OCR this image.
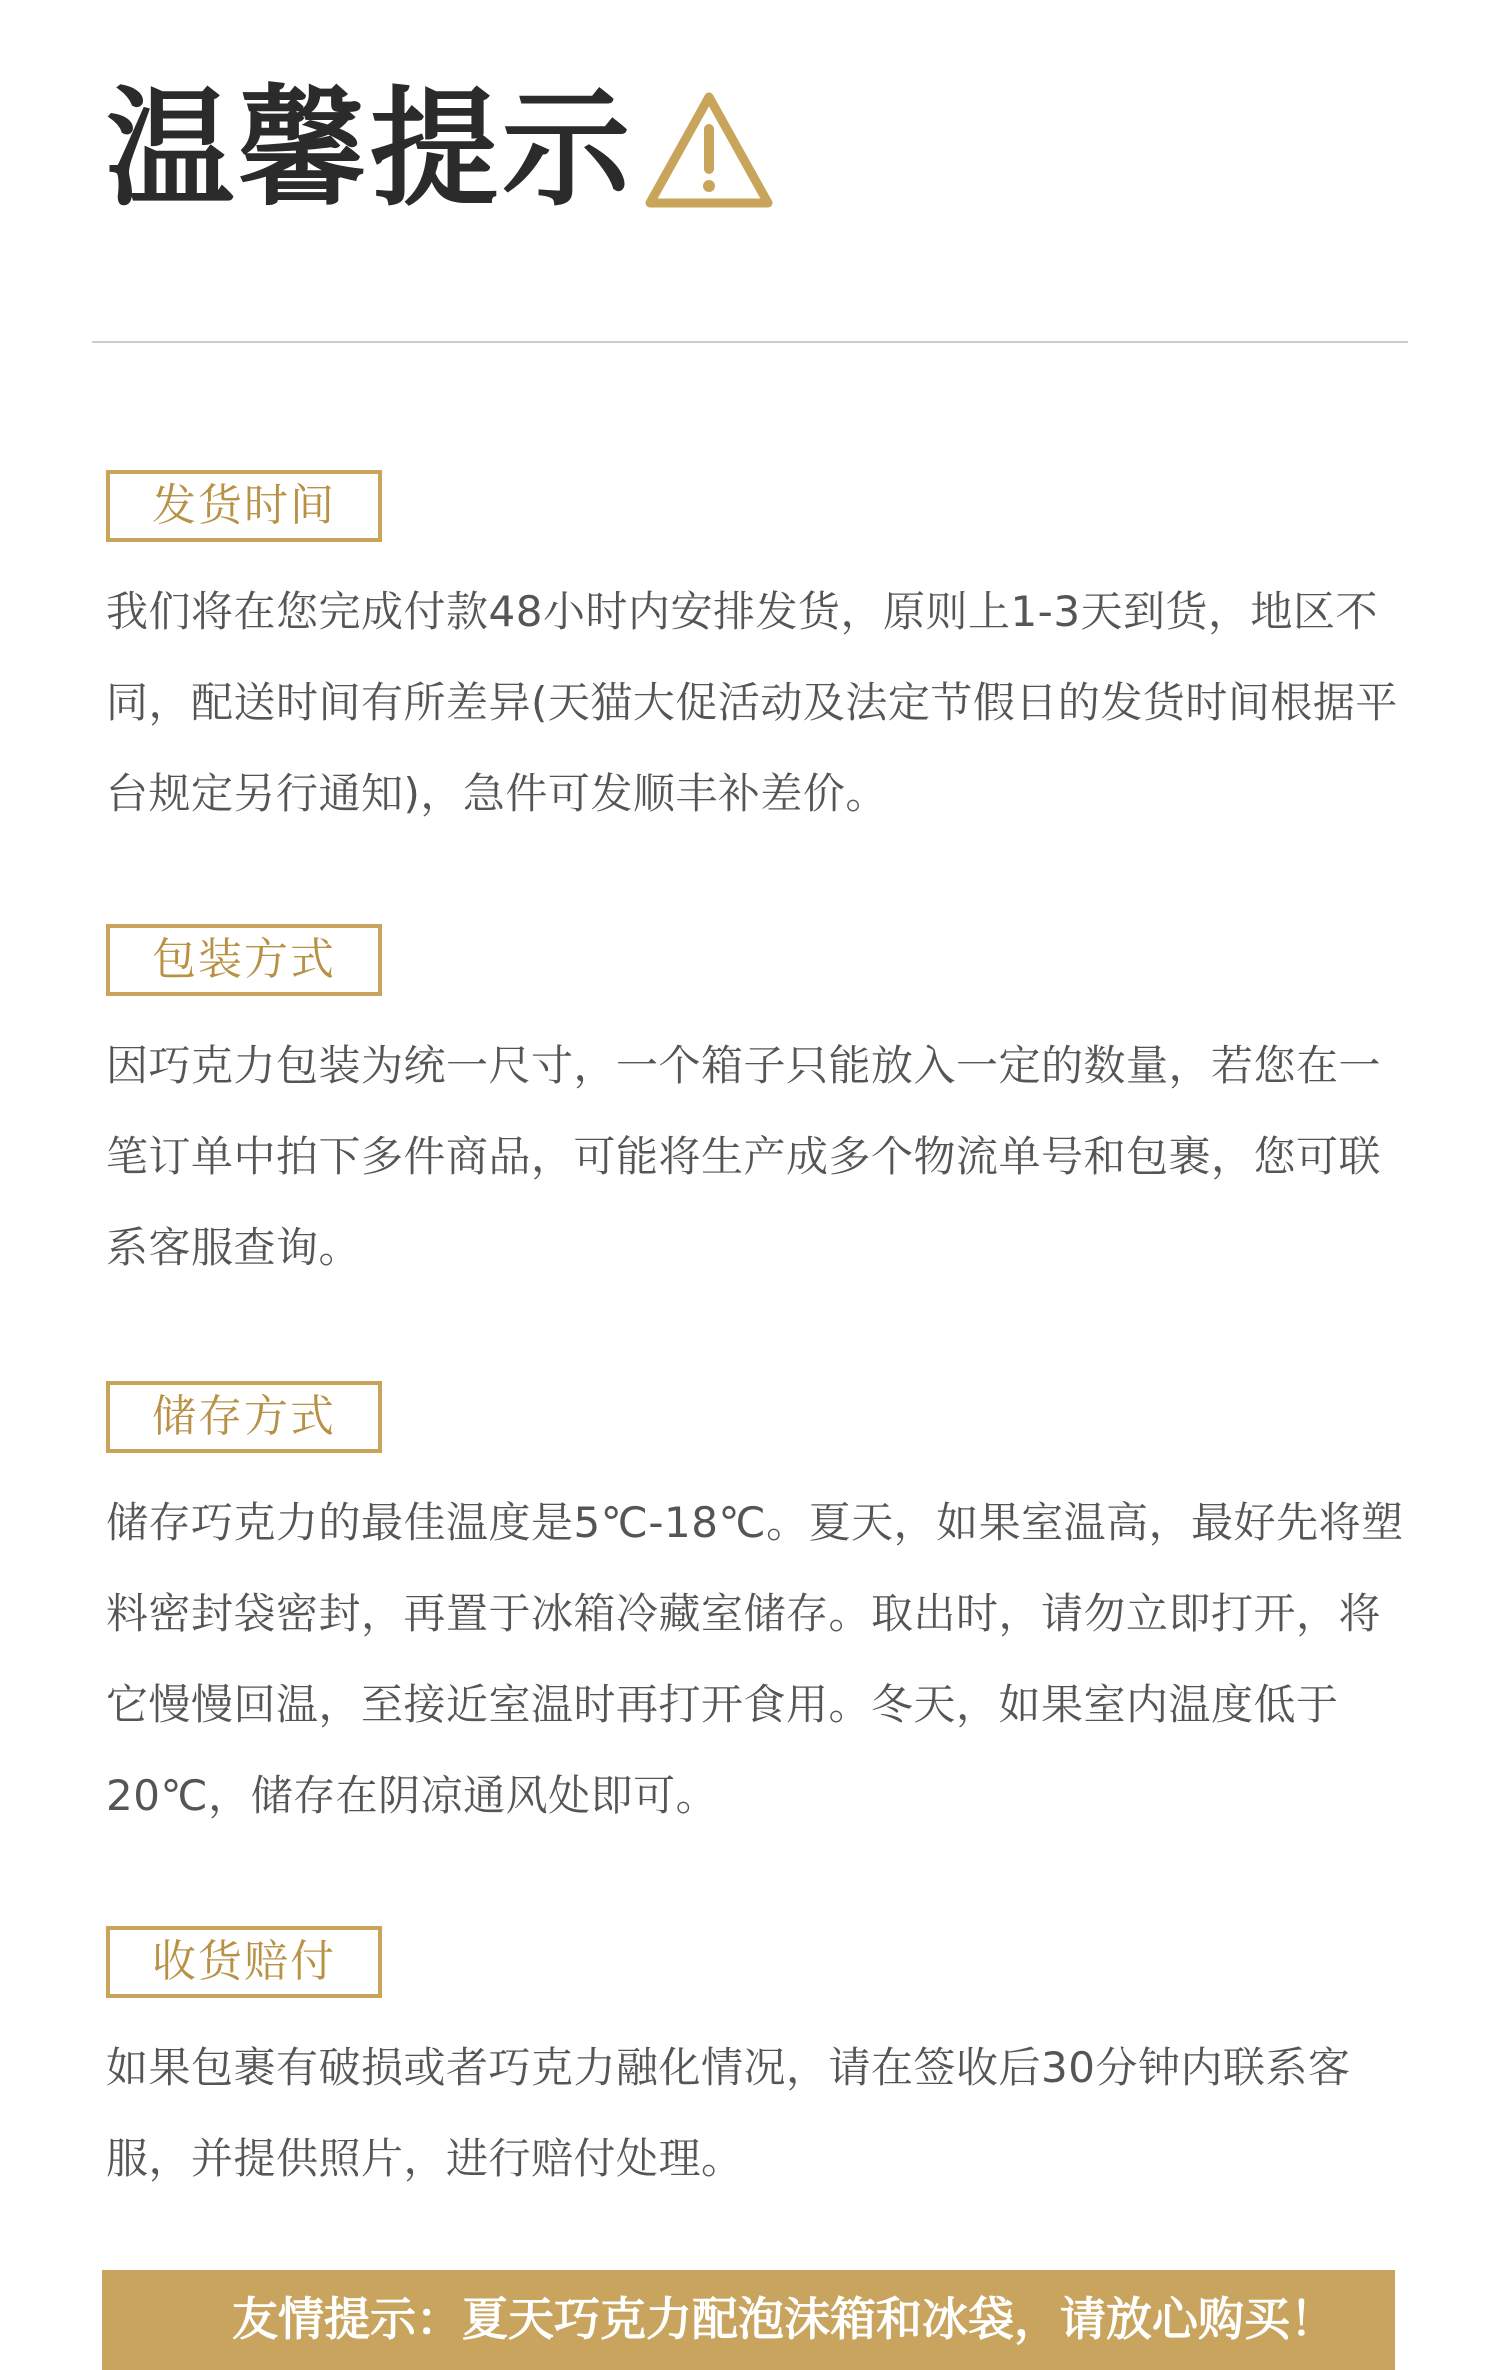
温馨提示
发货时间
我们将在您完成付款48小时内安排发货，原则上1-3天到货，地区不同，配送时间有所差异(天猫大促活动及法定节假日的发货时间根据平台规定另行通知)，急件可发顺丰补差价。
包装方式
因巧克力包装为统一尺寸，一个箱子只能放入一定的数量，若您在一笔订单中拍下多件商品，可能将生产成多个物流单号和包裹，您可联系客服查询。
储存方式
储存巧克力的最佳温度是5℃-18℃。夏天，如果室温高，最好先将塑料密封袋密封，再置于冰箱冷藏室储存。取出时，请勿立即打开，将它慢慢回温，至接近室温时再打开食用。冬天，如果室内温度低于20℃，储存在阴凉通风处即可。
收货赔付
如果包裹有破损或者巧克力融化情况，请在签收后30分钟内联系客服，并提供照片，进行赔付处理。
友情提示：夏天巧克力配泡沫箱和冰袋，请放心购买！
